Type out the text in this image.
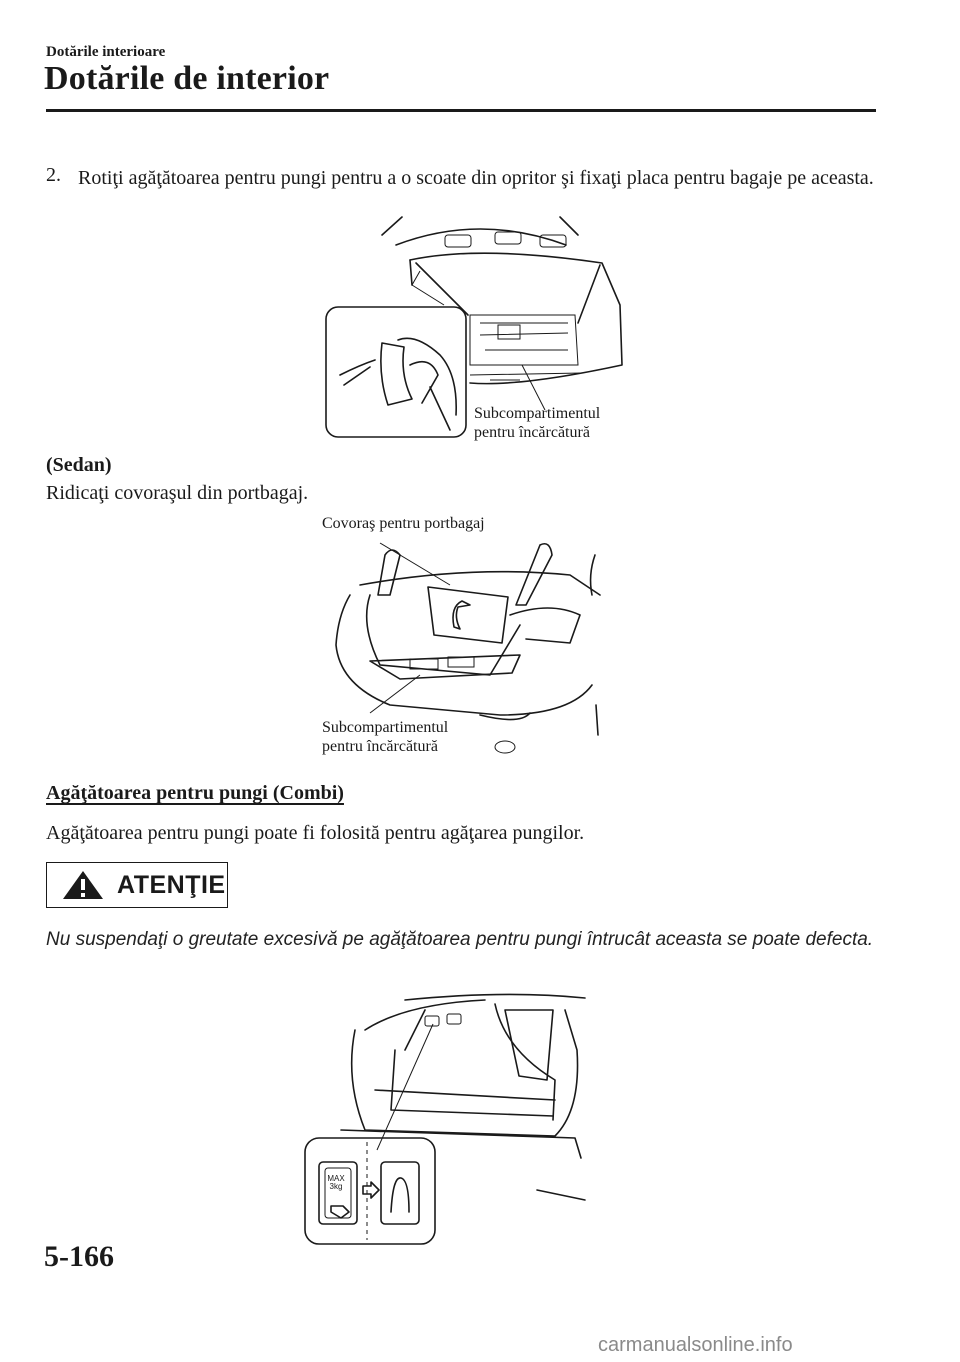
Dotările interioare
Dotările de interior
2. Rotiţi agăţătoarea pentru pungi pentru a o scoate din opritor şi fixaţi placa pentru bagaje pe aceasta.
Subcompartimentul
pentru încărcătură
(Sedan)
Ridicaţi covoraşul din portbagaj.
Covoraş pentru portbagaj
Subcompartimentul
pentru încărcătură
Agăţătoarea pentru pungi (Combi)
Agăţătoarea pentru pungi poate fi folosită pentru agăţarea pungilor.
ATENŢIE
Nu suspendaţi o greutate excesivă pe agăţătoarea pentru pungi întrucât aceasta se poate defecta.
MAX
3kg
5-166
carmanualsonline.info
